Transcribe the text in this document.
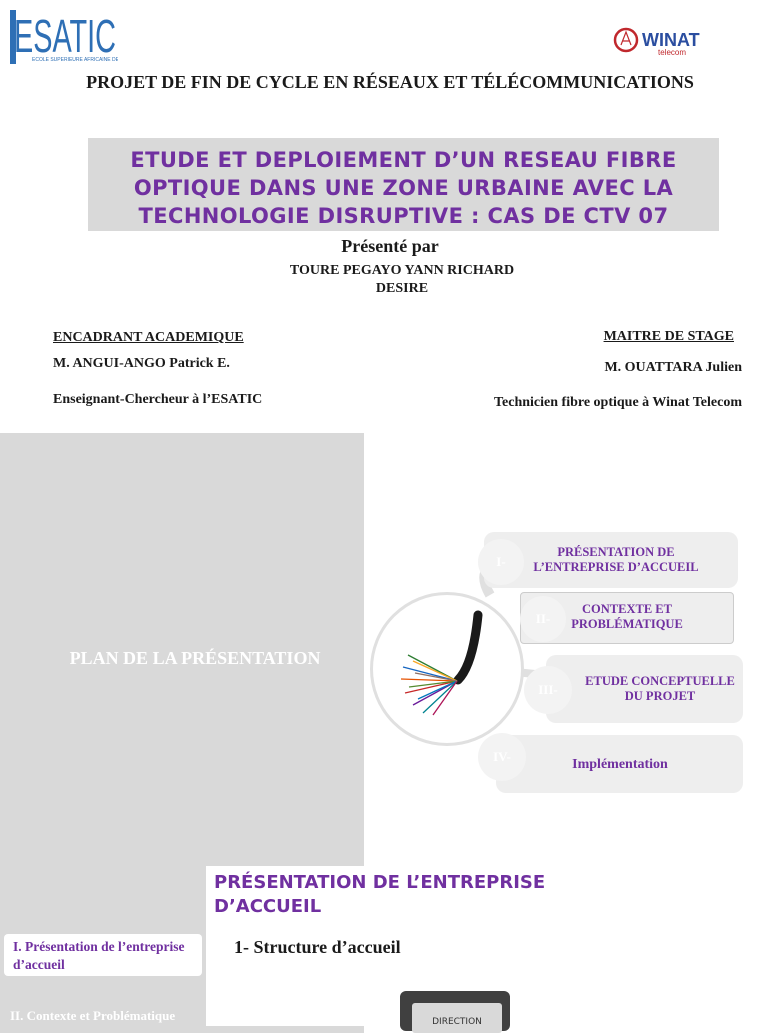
ESATIC
ECOLE SUPERIEURE AFRICAINE DE
WINAT
telecom
PROJET DE FIN DE CYCLE EN RÉSEAUX ET TÉLÉCOMMUNICATIONS
ETUDE ET DEPLOIEMENT D’UN RESEAU FIBRE
OPTIQUE DANS UNE ZONE URBAINE AVEC LA
TECHNOLOGIE DISRUPTIVE : CAS DE CTV 07
Présenté par
TOURE PEGAYO YANN RICHARD
DESIRE
ENCADRANT ACADEMIQUE
M. ANGUI-ANGO Patrick E.
Enseignant-Chercheur à l’ESATIC
MAITRE DE STAGE
M. OUATTARA Julien
Technicien fibre optique à Winat Telecom
PLAN DE LA PRÉSENTATION
I-
PRÉSENTATION DE L’ENTREPRISE D’ACCUEIL
II-
CONTEXTE ET PROBLÉMATIQUE
III-
ETUDE CONCEPTUELLE DU PROJET
IV-	Implémentation
PRÉSENTATION DE L’ENTREPRISE D’ACCUEIL
1- Structure d’accueil
I. Présentation de l’entreprise d’accueil
II. Contexte et Problématique	DIRECTION
